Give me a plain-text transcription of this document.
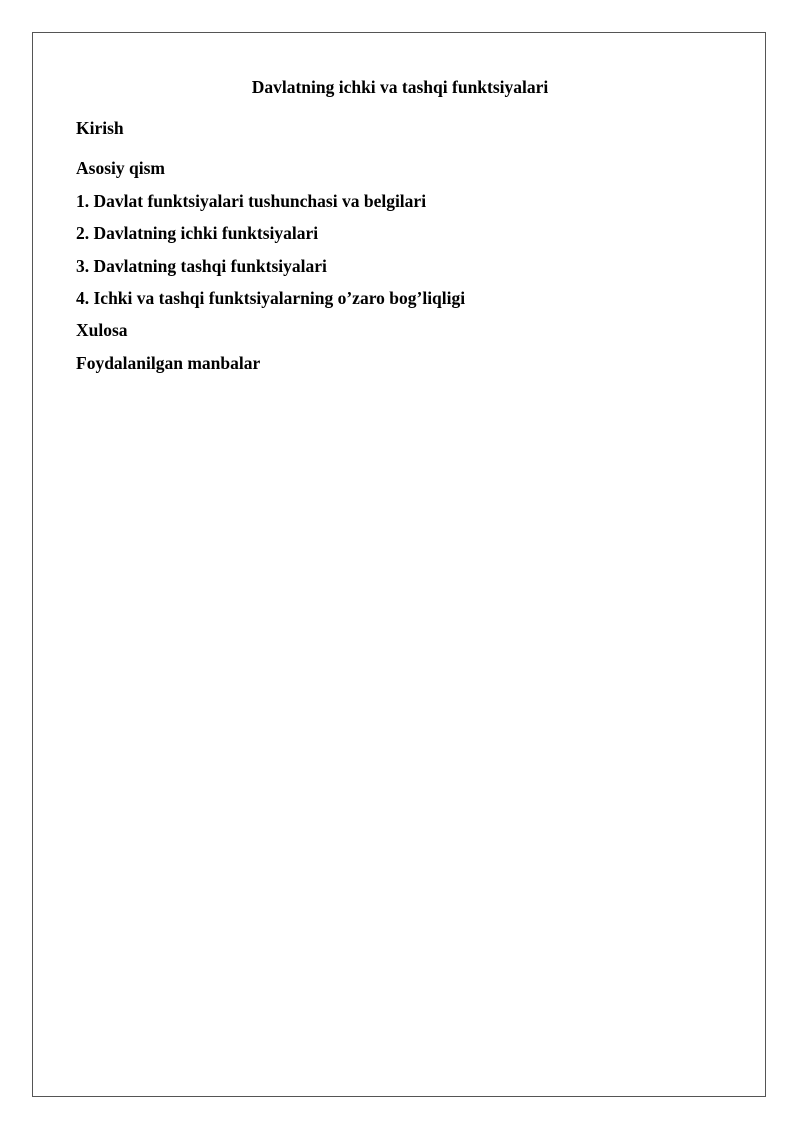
Davlatning ichki va tashqi funktsiyalari
Kirish
Asosiy qism
1. Davlat funktsiyalari tushunchasi va belgilari
2. Davlatning ichki funktsiyalari
3. Davlatning tashqi funktsiyalari
4. Ichki va tashqi funktsiyalarning o’zaro bog’liqligi
Xulosa
Foydalanilgan manbalar
